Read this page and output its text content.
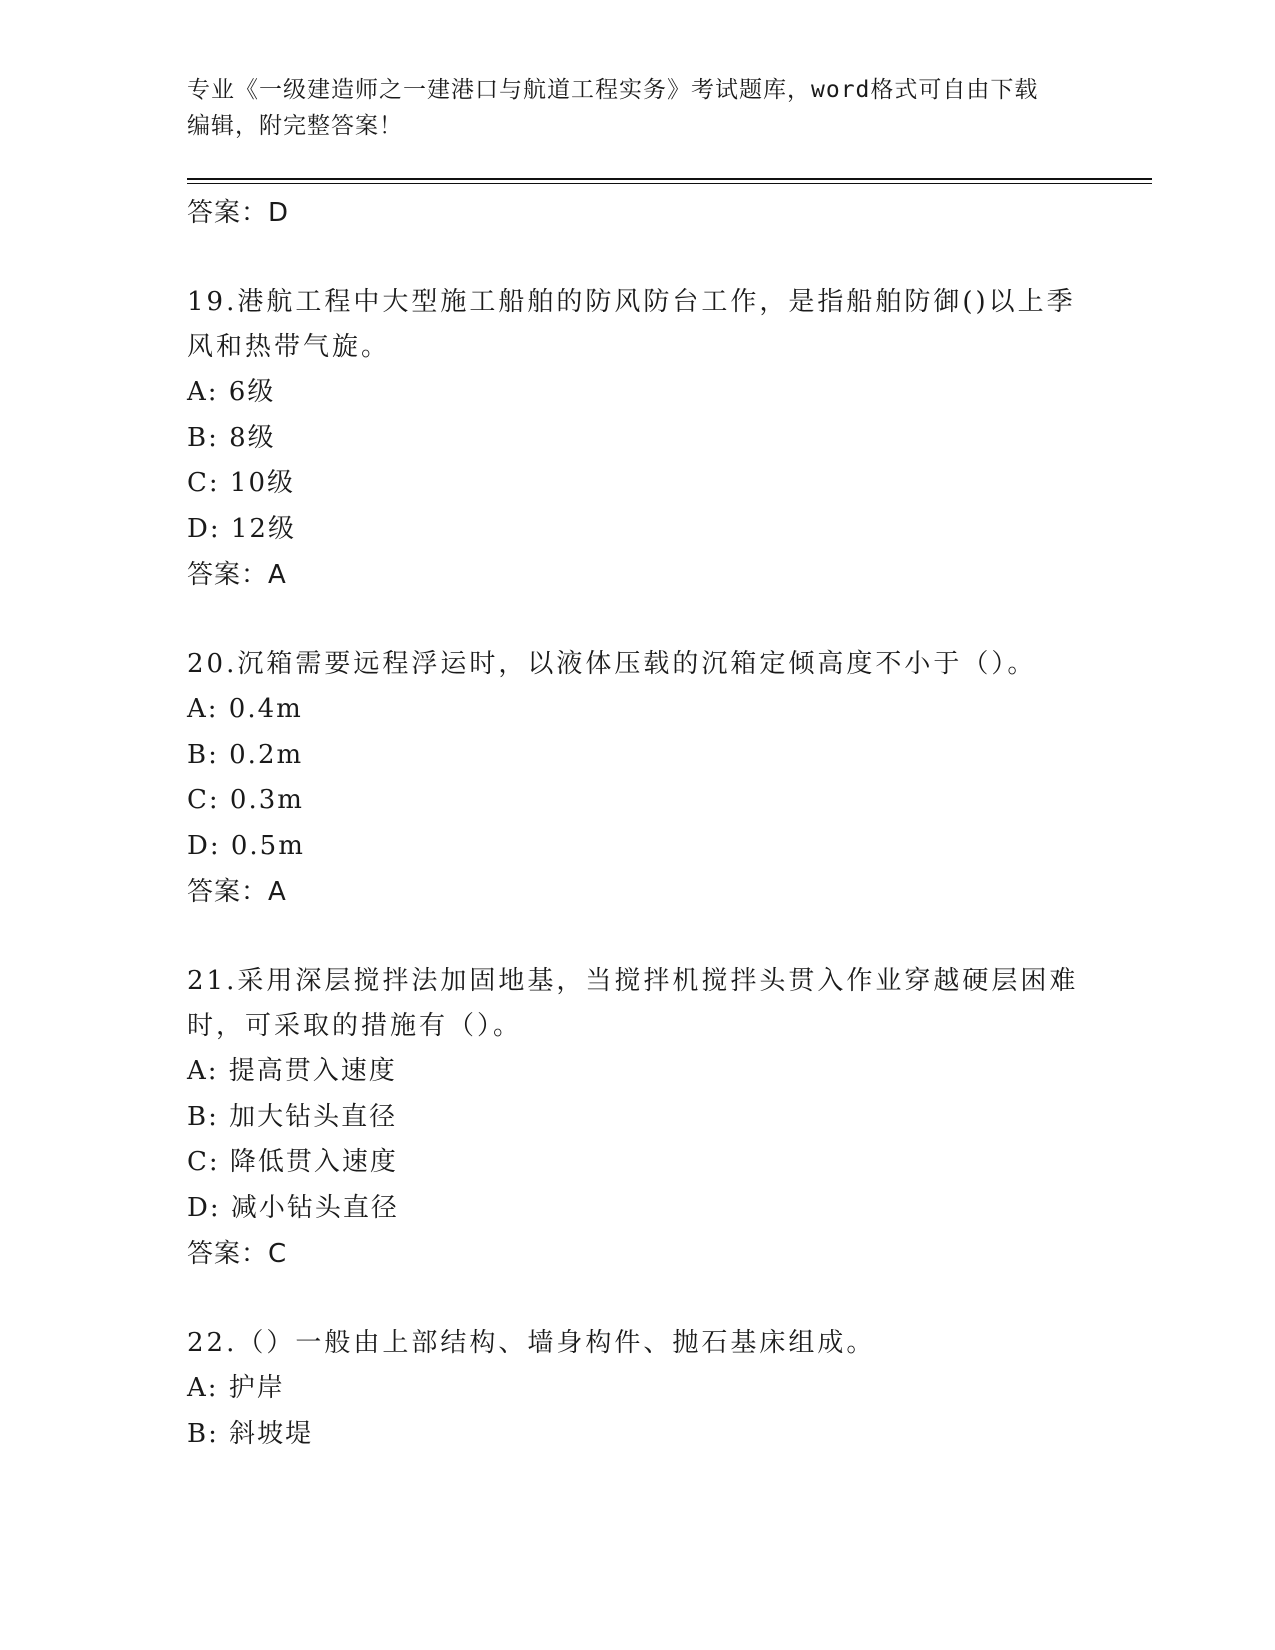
专业《一级建造师之一建港口与航道工程实务》考试题库，word格式可自由下载
编辑，附完整答案！
答案：D
19.港航工程中大型施工船舶的防风防台工作，是指船舶防御()以上季风和热带气旋。
A: 6级
B: 8级
C: 10级
D: 12级
答案：A
20.沉箱需要远程浮运时，以液体压载的沉箱定倾高度不小于（）。
A: 0.4m
B: 0.2m
C: 0.3m
D: 0.5m
答案：A
21.采用深层搅拌法加固地基，当搅拌机搅拌头贯入作业穿越硬层困难时，可采取的措施有（）。
A: 提高贯入速度
B: 加大钻头直径
C: 降低贯入速度
D: 减小钻头直径
答案：C
22.（）一般由上部结构、墙身构件、抛石基床组成。
A: 护岸
B: 斜坡堤
